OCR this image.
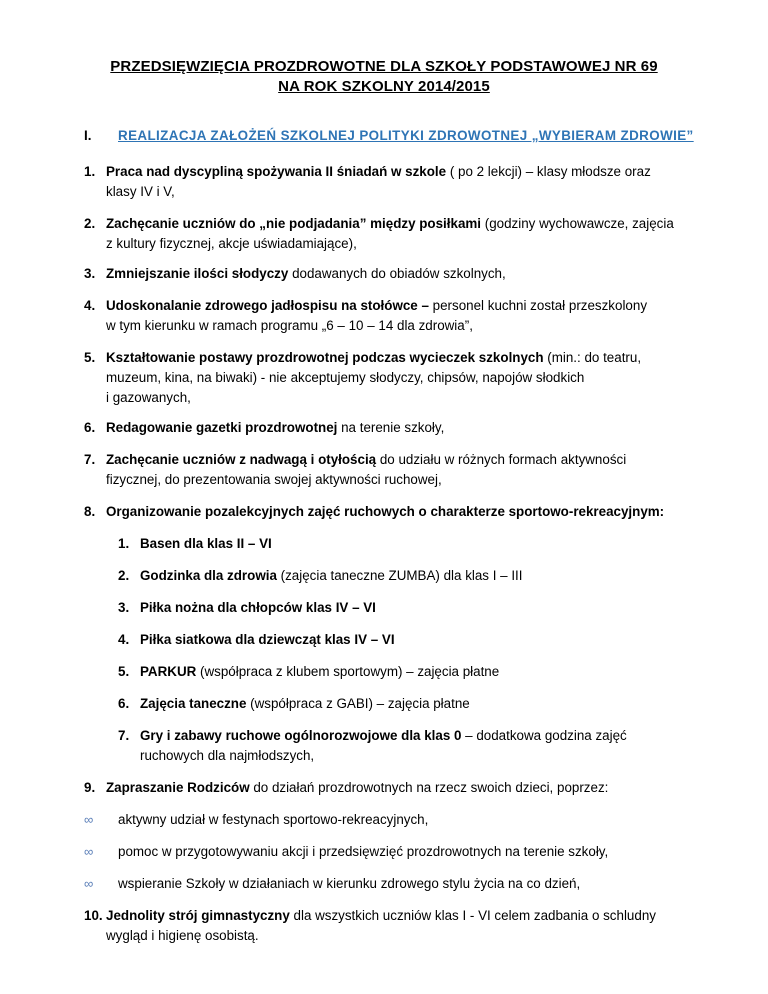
PRZEDSIĘWZIĘCIA PROZDROWOTNE DLA SZKOŁY PODSTAWOWEJ NR 69
NA ROK SZKOLNY 2014/2015
I. REALIZACJA ZAŁOŻEŃ SZKOLNEJ POLITYKI ZDROWOTNEJ „WYBIERAM ZDROWIE”
1. Praca nad dyscypliną spożywania II śniadań w szkole ( po 2 lekcji) – klasy młodsze oraz
klasy IV i V,
2. Zachęcanie uczniów do „nie podjadania” między posiłkami (godziny wychowawcze, zajęcia
z kultury fizycznej, akcje uświadamiające),
3. Zmniejszanie ilości słodyczy dodawanych do obiadów szkolnych,
4. Udoskonalanie zdrowego jadłospisu na stołówce – personel kuchni został przeszkolony
w tym kierunku w ramach programu „6 – 10 – 14 dla zdrowia”,
5. Kształtowanie postawy prozdrowotnej podczas wycieczek szkolnych (min.: do teatru,
muzeum, kina, na biwaki) - nie akceptujemy słodyczy, chipsów, napojów słodkich
i gazowanych,
6. Redagowanie gazetki prozdrowotnej na terenie szkoły,
7. Zachęcanie uczniów z nadwagą i otyłością do udziału w różnych formach aktywności
fizycznej, do prezentowania swojej aktywności ruchowej,
8. Organizowanie pozalekcyjnych zajęć ruchowych o charakterze sportowo-rekreacyjnym:
1. Basen dla klas II – VI
2. Godzinka dla zdrowia (zajęcia taneczne ZUMBA) dla klas I – III
3. Piłka nożna dla chłopców klas IV – VI
4. Piłka siatkowa dla dziewcząt klas IV – VI
5. PARKUR (współpraca z klubem sportowym) – zajęcia płatne
6. Zajęcia taneczne (współpraca z GABI) – zajęcia płatne
7. Gry i zabawy ruchowe ogólnorozwojowe dla klas 0 – dodatkowa godzina zajęć
ruchowych dla najmłodszych,
9. Zapraszanie Rodziców do działań prozdrowotnych na rzecz swoich dzieci, poprzez:
∞ aktywny udział w festynach sportowo-rekreacyjnych,
∞ pomoc w przygotowywaniu akcji i przedsięwzięć prozdrowotnych na terenie szkoły,
∞ wspieranie Szkoły w działaniach w kierunku zdrowego stylu życia na co dzień,
10. Jednolity strój gimnastyczny dla wszystkich uczniów klas I - VI celem zadbania o schludny
wygląd i higienę osobistą.
